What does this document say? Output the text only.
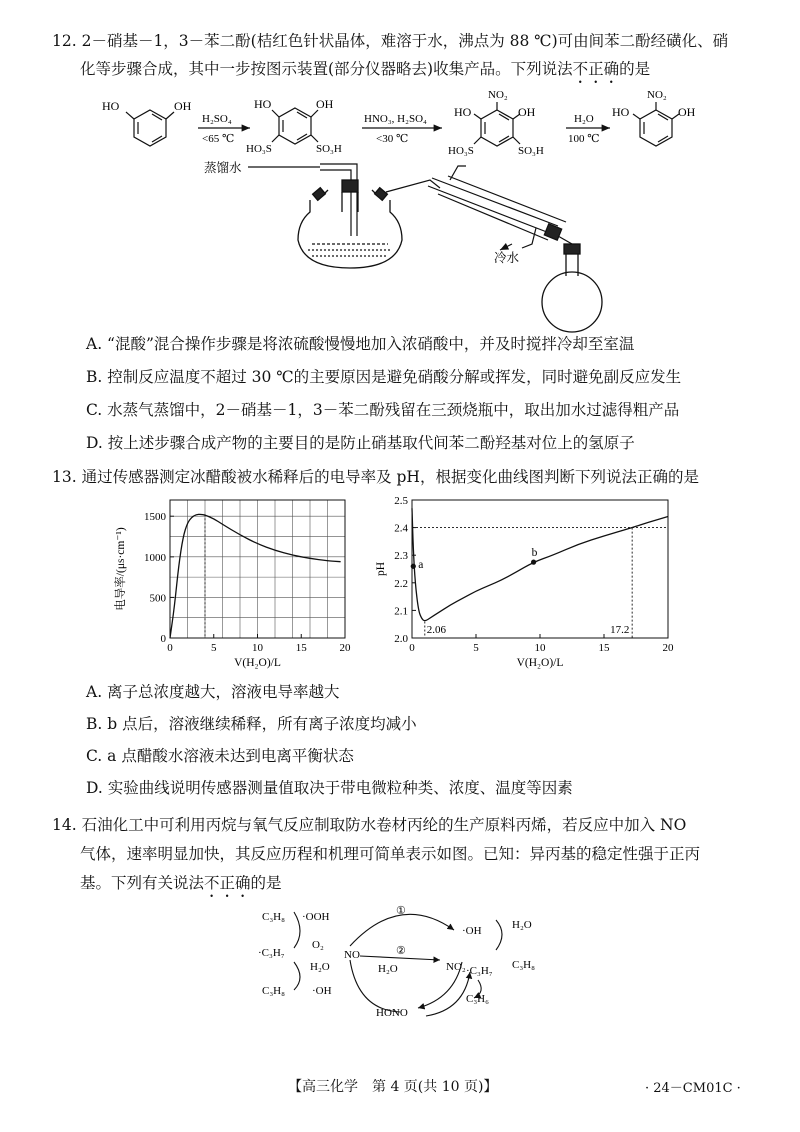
12. 2－硝基－1，3－苯二酚(桔红色针状晶体，难溶于水，沸点为 88 ℃)可由间苯二酚经磺化、硝
化等步骤合成，其中一步按图示装置(部分仪器略去)收集产品。下列说法不正确的是
HO	OH
H₂SO₄
<65 ℃
HO	OH
HO₃S	SO₃H
HNO₃, H₂SO₄
<30 ℃
NO₂
HO	OH
HO₃S	SO₃H
H₂O
100 ℃
NO₂
HO	OH
蒸馏水
冷水
A. “混酸”混合操作步骤是将浓硫酸慢慢地加入浓硝酸中，并及时搅拌冷却至室温
B. 控制反应温度不超过 30 ℃的主要原因是避免硝酸分解或挥发，同时避免副反应发生
C. 水蒸气蒸馏中，2－硝基－1，3－苯二酚残留在三颈烧瓶中，取出加水过滤得粗产品
D. 按上述步骤合成产物的主要目的是防止硝基取代间苯二酚羟基对位上的氢原子
13. 通过传感器测定冰醋酸被水稀释后的电导率及 pH，根据变化曲线图判断下列说法正确的是
0	5	10	15	20
0
500
1000
1500
V(H₂O)/L
电导率/(μs·cm⁻¹)
0	5	10	15	20
2.0
2.1
2.2
2.3
2.4
2.5
V(H₂O)/L
pH
2.06	17.2
a
b
A. 离子总浓度越大，溶液电导率越大
B. b 点后，溶液继续稀释，所有离子浓度均减小
C. a 点醋酸水溶液未达到电离平衡状态
D. 实验曲线说明传感器测量值取决于带电微粒种类、浓度、温度等因素
14. 石油化工中可利用丙烷与氧气反应制取防水卷材丙纶的生产原料丙烯，若反应中加入 NO
气体，速率明显加快，其反应历程和机理可简单表示如图。已知：异丙基的稳定性强于正丙
基。下列有关说法不正确的是
C₃H₈ ·OOH
O₂
·C₃H₇
H₂O
C₃H₈ ·OH
NO
①
②
H₂O	NO₂
·OH	H₂O
·C₃H₇ C₃H₈
C₃H₆
HONO
【高三化学　第 4 页(共 10 页)】	· 24－CM01C ·
